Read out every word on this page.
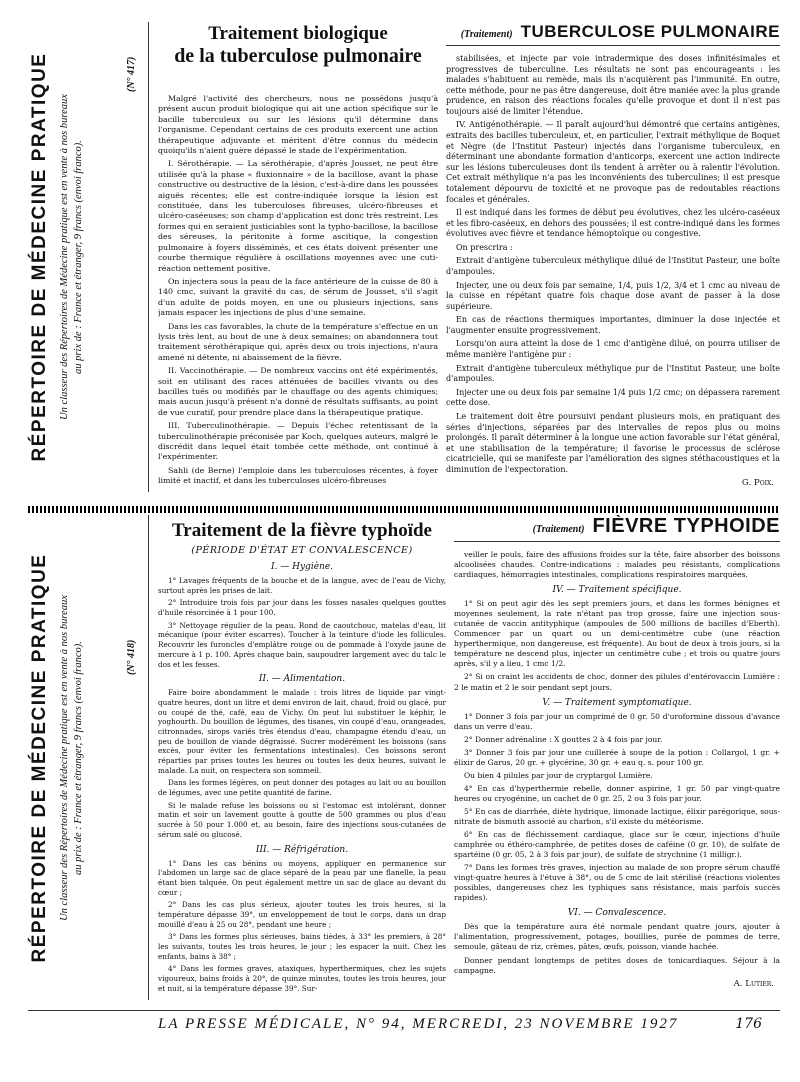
RÉPERTOIRE DE MÉDECINE PRATIQUE Un classeur des Répertoires de Médecine pratique est en vente à nos bureaux au prix de : France et étranger, 9 francs (envoi franco).
(N° 417)
Traitement biologique
de la tuberculose pulmonaire

Malgré l'activité des chercheurs, nous ne possédons jusqu'à présent aucun produit biologique qui ait une action spécifique sur le bacille tuberculeux ou sur les lésions qu'il détermine dans l'organisme. Cependant certains de ces produits exercent une action thérapeutique adjuvante et méritent d'être connus du médecin quoiqu'ils n'aient guère dépassé le stade de l'expérimentation.

I. Sérothérapie. — La sérothérapie, d'après Jousset, ne peut être utilisée qu'à la phase « fluxionnaire » de la bacillose, avant la phase constructive ou destructive de la lésion, c'est-à-dire dans les poussées aiguës récentes; elle est contre-indiquée lorsque la lésion est constituée, dans les tuberculoses fibreuses, ulcéro-fibreuses et ulcéro-caséeuses; son champ d'application est donc très restreint. Les formes qui en seraient justiciables sont la typho-bacillose, la bacillose des séreuses, la péritonite à forme ascitique, la congestion pulmonaire à foyers disséminés, et ces états doivent présenter une courbe thermique régulière à oscillations moyennes avec une cuti-réaction nettement positive.

On injectera sous la peau de la face antérieure de la cuisse de 80 à 140 cmc, suivant la gravité du cas, de sérum de Jousset, s'il s'agit d'un adulte de poids moyen, en une ou plusieurs injections, sans jamais espacer les injections de plus d'une semaine.

Dans les cas favorables, la chute de la température s'effectue en un lysis très lent, au bout de une à deux semaines; on abandonnera tout traitement sérothérapique qui, après deux ou trois injections, n'aura amené ni détente, ni abaissement de la fièvre.

II. Vaccinothérapie. — De nombreux vaccins ont été expérimentés, soit en utilisant des races atténuées de bacilles vivants ou des bacilles tués ou modifiés par le chauffage ou des agents chimiques; mais aucun jusqu'à présent n'a donné de résultats suffisants, au point de vue curatif, pour prendre place dans la thérapeutique pratique.

III. Tuberculinothérapie. — Depuis l'échec retentissant de la tuberculinothérapie préconisée par Koch, quelques auteurs, malgré le discrédit dans lequel était tombée cette méthode, ont continué à l'expérimenter.

Sahli (de Berne) l'emploie dans les tuberculoses récentes, à foyer limité et inactif, et dans les tuberculoses ulcéro-fibreuses

(Traitement) TUBERCULOSE PULMONAIRE

stabilisées, et injecte par voie intradermique des doses infinitésimales et progressives de tuberculine. Les résultats ne sont pas encourageants : les malades s'habituent au remède, mais ils n'acquièrent pas l'immunité. En outre, cette méthode, pour ne pas être dangereuse, doit être maniée avec la plus grande prudence, en raison des réactions focales qu'elle provoque et dont il n'est pas toujours aisé de limiter l'étendue.

IV. Antigénothérapie. — Il paraît aujourd'hui démontré que certains antigènes, extraits des bacilles tuberculeux, et, en particulier, l'extrait méthylique de Boquet et Nègre (de l'Institut Pasteur) injectés dans l'organisme tuberculeux, en déterminant une abondante formation d'anticorps, exercent une action indirecte sur les lésions tuberculeuses dont ils tendent à arrêter ou à ralentir l'évolution. Cet extrait méthylique n'a pas les inconvénients des tuberculines; il est presque totalement dépourvu de toxicité et ne provoque pas de redoutables réactions focales et générales.

Il est indiqué dans les formes de début peu évolutives, chez les ulcéro-caséeux et les fibro-caséeux, en dehors des poussées; il est contre-indiqué dans les formes évolutives avec fièvre et tendance hémoptoïque ou congestive.

On prescrira :

Extrait d'antigène tuberculeux méthylique dilué de l'Institut Pasteur, une boîte d'ampoules.

Injecter, une ou deux fois par semaine, 1/4, puis 1/2, 3/4 et 1 cmc au niveau de la cuisse en répétant quatre fois chaque dose avant de passer à la dose supérieure.

En cas de réactions thermiques importantes, diminuer la dose injectée et l'augmenter ensuite progressivement.

Lorsqu'on aura atteint la dose de 1 cmc d'antigène dilué, on pourra utiliser de même manière l'antigène pur :

Extrait d'antigène tuberculeux méthylique pur de l'Institut Pasteur, une boîte d'ampoules.

Injecter une ou deux fois par semaine 1/4 puis 1/2 cmc; on dépassera rarement cette dose.

Le traitement doit être poursuivi pendant plusieurs mois, en pratiquant des séries d'injections, séparées par des intervalles de repos plus ou moins prolongés. Il paraît déterminer à la longue une action favorable sur l'état général, et une stabilisation de la température; il favorise le processus de sclérose cicatricielle, qui se manifeste par l'amélioration des signes stéthacoustiques et la diminution de l'expectoration.

G. Poix.
RÉPERTOIRE DE MÉDECINE PRATIQUE Un classeur des Répertoires de Médecine pratique est en vente à nos bureaux au prix de : France et étranger, 9 francs (envoi franco).	(N° 418)
Traitement de la fièvre typhoïde
(PÉRIODE D'ÉTAT ET CONVALESCENCE)
I. — Hygiène.

1° Lavages fréquents de la bouche et de la langue, avec de l'eau de Vichy, surtout après les prises de lait.

2° Introduire trois fois par jour dans les fosses nasales quelques gouttes d'huile résorcinée à 1 pour 100.

3° Nettoyage régulier de la peau. Rond de caoutchouc, matelas d'eau, lit mécanique (pour éviter escarres). Toucher à la teinture d'iode les follicules. Recouvrir les furoncles d'emplâtre rouge ou de pommade à l'oxyde jaune de mercure à 1 p. 100. Après chaque bain, saupoudrer largement avec du talc le dos et les fesses.

II. — Alimentation.

Faire boire abondamment le malade : trois litres de liquide par vingt-quatre heures, dont un litre et demi environ de lait, chaud, froid ou glacé, pur ou coupé de thé, café, eau de Vichy. On peut lui substituer le képhir, le yoghourth. Du bouillon de légumes, des tisanes, vin coupé d'eau, orangeades, citronnades, sirops variés très étendus d'eau, champagne étendu d'eau, un peu de bouillon de viande dégraissé. Sucrer modérément les boissons (sans excès, pour éviter les fermentations intestinales). Ces boissons seront réparties par prises toutes les heures ou toutes les deux heures, suivant le malade. La nuit, on respectera son sommeil.

Dans les formes légères, on peut donner des potages au lait ou au bouillon de légumes, avec une petite quantité de farine.

Si le malade refuse les boissons ou si l'estomac est intolérant, donner matin et soir un lavement goutte à goutte de 500 grammes ou plus d'eau sucrée à 50 pour 1.000 et, au besoin, faire des injections sous-cutanées de sérum salé ou glucosé.

III. — Réfrigération.

1° Dans les cas bénins ou moyens, appliquer en permanence sur l'abdomen un large sac de glace séparé de la peau par une flanelle, la peau étant bien talquée. On peut également mettre un sac de glace au devant du cœur ;

2° Dans les cas plus sérieux, ajouter toutes les trois heures, si la température dépasse 39°, un enveloppement de tout le corps, dans un drap mouillé d'eau à 25 ou 28°, pendant une heure ;

3° Dans les formes plus sérieuses, bains tièdes, à 33° les premiers, à 28° les suivants, toutes les trois heures, le jour ; les espacer la nuit. Chez les enfants, bains à 38° ;

4° Dans les formes graves, ataxiques, hyperthermiques, chez les sujets vigoureux, bains froids à 20°, de quinze minutes, toutes les trois heures, jour et nuit, si la température dépasse 39°. Sur-

(Traitement) FIÈVRE TYPHOIDE

veiller le pouls, faire des affusions froides sur la tête, faire absorber des boissons alcoolisées chaudes. Contre-indications : malades peu résistants, complications cardiaques, hémorragies intestinales, complications respiratoires marquées.

IV. — Traitement spécifique.

1° Si on peut agir dès les sept premiers jours, et dans les formes bénignes et moyennes seulement, la rate n'étant pas trop grosse, faire une injection sous-cutanée de vaccin antityphique (ampoules de 500 millions de bacilles d'Eberth). Commencer par un quart ou un demi-centimètre cube (une réaction hyperthermique, non dangereuse, est fréquente). Au bout de deux à trois jours, si la température ne descend plus, injecter un centimètre cube ; et trois ou quatre jours après, s'il y a lieu, 1 cmc 1/2.

2° Si on craint les accidents de choc, donner des pilules d'entérovaccin Lumière : 2 le matin et 2 le soir pendant sept jours.

V. — Traitement symptomatique.

1° Donner 3 fois par jour un comprimé de 0 gr. 50 d'uroformine dissous d'avance dans un verre d'eau.

2° Donner adrénaline : X gouttes 2 à 4 fois par jour.

3° Donner 3 fois par jour une cuillerée à soupe de la potion : Collargol, 1 gr. + élixir de Garus, 20 gr. + glycérine, 30 gr. + eau q. s. pour 100 gr.

Ou bien 4 pilules par jour de cryptargol Lumière.

4° En cas d'hyperthermie rebelle, donner aspirine, 1 gr. 50 par vingt-quatre heures ou cryogénine, un cachet de 0 gr. 25, 2 ou 3 fois par jour.

5° En cas de diarrhée, diète hydrique, limonade lactique, élixir parégorique, sous-nitrate de bismuth associé au charbon, s'il existe du météorisme.

6° En cas de fléchissement cardiaque, glace sur le cœur, injections d'huile camphrée ou éthéro-camphrée, de petites doses de caféine (0 gr. 10), de sulfate de spartéine (0 gr. 05, 2 à 3 fois par jour), de sulfate de strychnine (1 milligr.).

7° Dans les formes très graves, injection au malade de son propre sérum chauffé vingt-quatre heures à l'étuve à 38°, ou de 5 cmc de lait stérilisé (réactions violentes possibles, dangereuses chez les typhiques sans résistance, mais parfois succès rapides).

VI. — Convalescence.

Dès que la température aura été normale pendant quatre jours, ajouter à l'alimentation, progressivement, potages, bouillies, purée de pommes de terre, semoule, gâteau de riz, crèmes, pâtes, œufs, poisson, viande hachée.

Donner pendant longtemps de petites doses de tonicardiaques. Séjour à la campagne.

A. Lutier.
LA PRESSE MÉDICALE, N° 94, MERCREDI, 23 NOVEMBRE 1927	176
